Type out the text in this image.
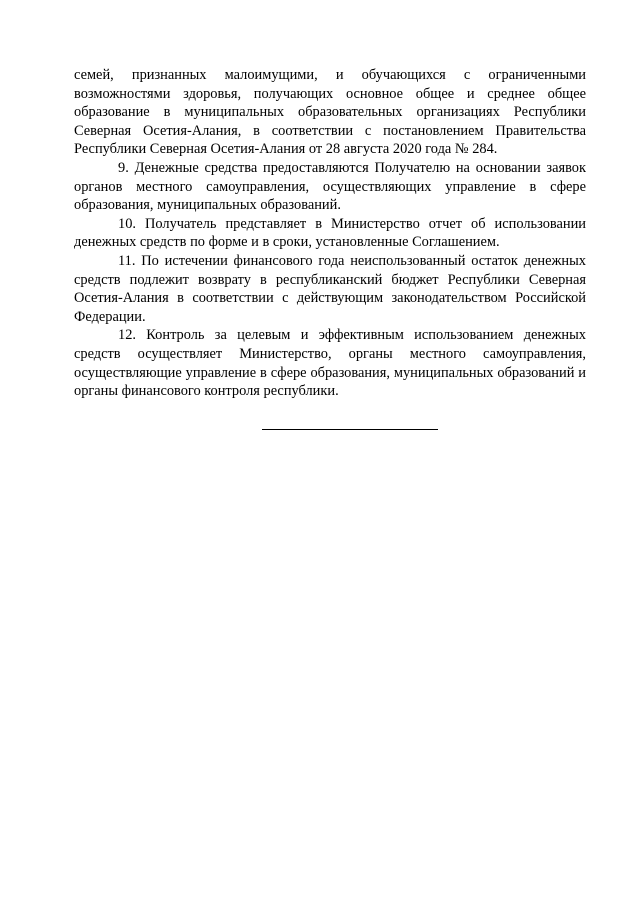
семей, признанных малоимущими, и обучающихся с ограниченными возможностями здоровья, получающих основное общее и среднее общее образование в муниципальных образовательных организациях Республики Северная Осетия-Алания, в соответствии с постановлением Правительства Республики Северная Осетия-Алания от 28 августа 2020 года № 284.

9. Денежные средства предоставляются Получателю на основании заявок органов местного самоуправления, осуществляющих управление в сфере образования, муниципальных образований.

10. Получатель представляет в Министерство отчет об использовании денежных средств по форме и в сроки, установленные Соглашением.

11. По истечении финансового года неиспользованный остаток денежных средств подлежит возврату в республиканский бюджет Республики Северная Осетия-Алания в соответствии с действующим законодательством Российской Федерации.

12. Контроль за целевым и эффективным использованием денежных средств осуществляет Министерство, органы местного самоуправления, осуществляющие управление в сфере образования, муниципальных образований и органы финансового контроля республики.
